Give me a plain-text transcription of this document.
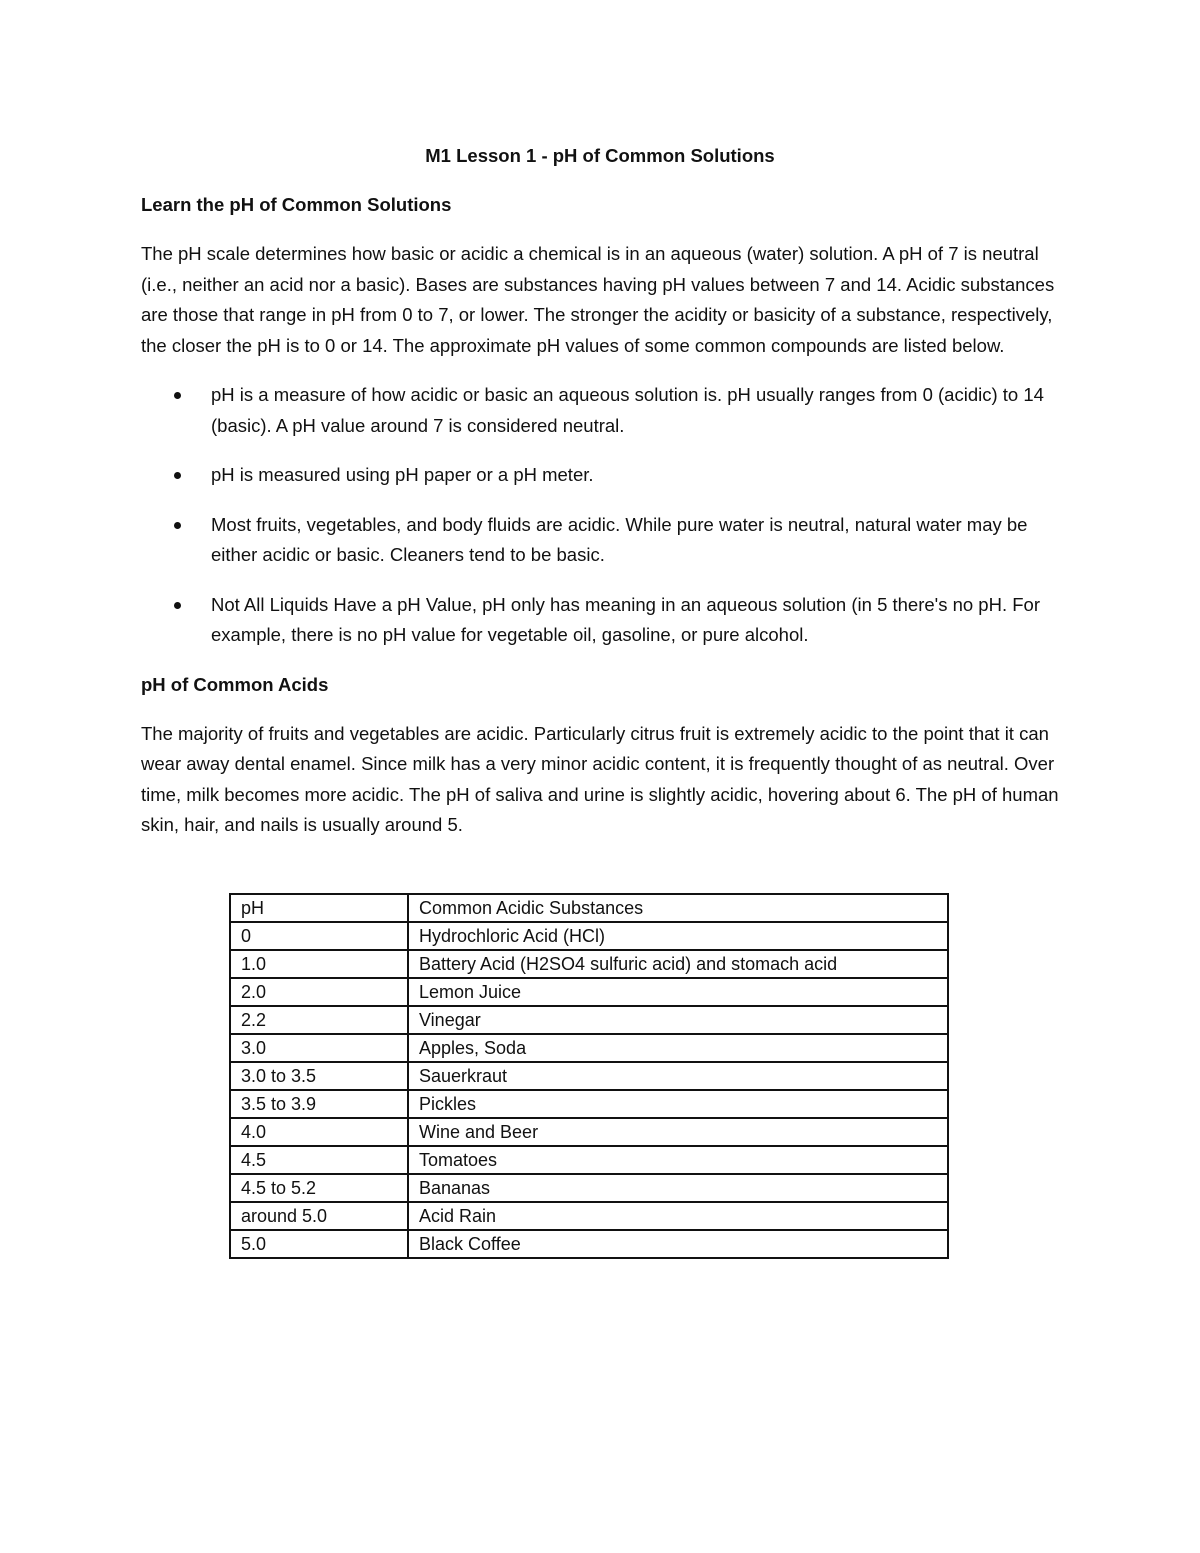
M1 Lesson 1 - pH of Common Solutions
Learn the pH of Common Solutions

The pH scale determines how basic or acidic a chemical is in an aqueous (water) solution. A pH of 7 is neutral (i.e., neither an acid nor a basic). Bases are substances having pH values between 7 and 14. Acidic substances are those that range in pH from 0 to 7, or lower. The stronger the acidity or basicity of a substance, respectively, the closer the pH is to 0 or 14. The approximate pH values of some common compounds are listed below.

pH is a measure of how acidic or basic an aqueous solution is. pH usually ranges from 0 (acidic) to 14 (basic). A pH value around 7 is considered neutral.
pH is measured using pH paper or a pH meter.
Most fruits, vegetables, and body fluids are acidic. While pure water is neutral, natural water may be either acidic or basic. Cleaners tend to be basic.
Not All Liquids Have a pH Value, pH only has meaning in an aqueous solution (in 5 there's no pH. For example, there is no pH value for vegetable oil, gasoline, or pure alcohol.
pH of Common Acids

The majority of fruits and vegetables are acidic. Particularly citrus fruit is extremely acidic to the point that it can wear away dental enamel. Since milk has a very minor acidic content, it is frequently thought of as neutral. Over time, milk becomes more acidic. The pH of saliva and urine is slightly acidic, hovering about 6. The pH of human skin, hair, and nails is usually around 5.

pH	Common Acidic Substances
0	Hydrochloric Acid (HCl)
1.0	Battery Acid (H2SO4 sulfuric acid) and stomach acid
2.0	Lemon Juice
2.2	Vinegar
3.0	Apples, Soda
3.0 to 3.5	Sauerkraut
3.5 to 3.9	Pickles
4.0	Wine and Beer
4.5	Tomatoes
4.5 to 5.2	Bananas
around 5.0	Acid Rain
5.0	Black Coffee
